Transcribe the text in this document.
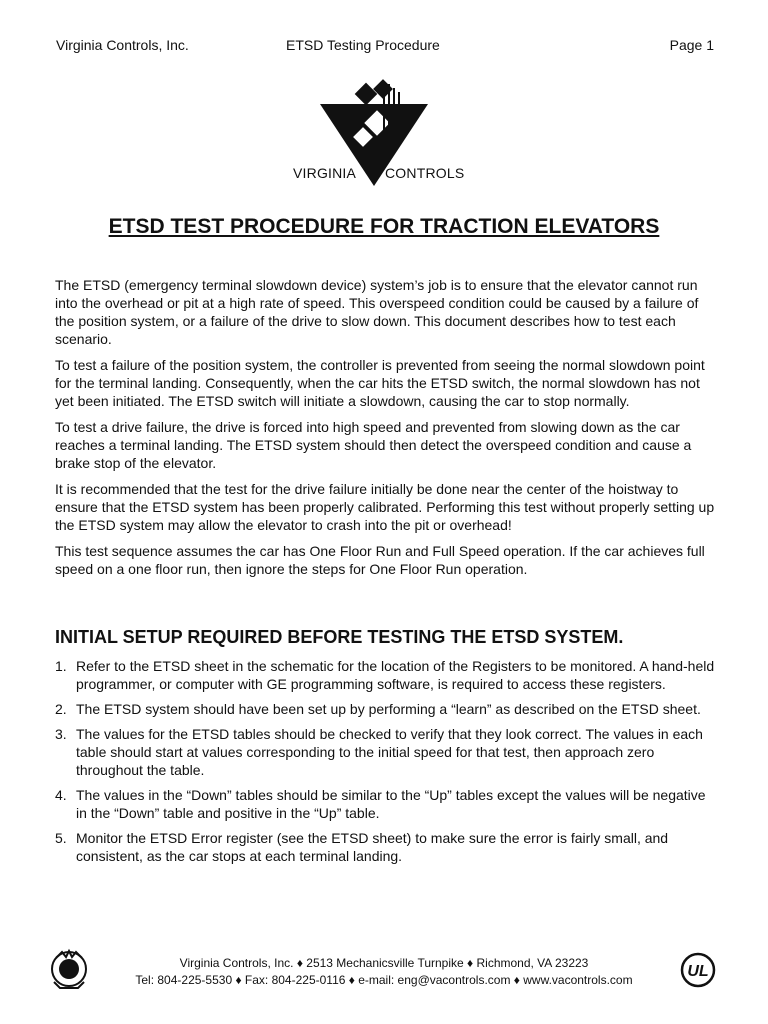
Virginia Controls, Inc.	ETSD Testing Procedure	Page 1
VIRGINIA CONTROLS
ETSD TEST PROCEDURE FOR TRACTION ELEVATORS

The ETSD (emergency terminal slowdown device) system’s job is to ensure that the elevator cannot run into the overhead or pit at a high rate of speed. This overspeed condition could be caused by a failure of the position system, or a failure of the drive to slow down. This document describes how to test each scenario.

To test a failure of the position system, the controller is prevented from seeing the normal slowdown point for the terminal landing. Consequently, when the car hits the ETSD switch, the normal slowdown has not yet been initiated. The ETSD switch will initiate a slowdown, causing the car to stop normally.

To test a drive failure, the drive is forced into high speed and prevented from slowing down as the car reaches a terminal landing. The ETSD system should then detect the overspeed condition and cause a brake stop of the elevator.

It is recommended that the test for the drive failure initially be done near the center of the hoistway to ensure that the ETSD system has been properly calibrated. Performing this test without properly setting up the ETSD system may allow the elevator to crash into the pit or overhead!

This test sequence assumes the car has One Floor Run and Full Speed operation. If the car achieves full speed on a one floor run, then ignore the steps for One Floor Run operation.

INITIAL SETUP REQUIRED BEFORE TESTING THE ETSD SYSTEM.
1. Refer to the ETSD sheet in the schematic for the location of the Registers to be monitored. A hand-held programmer, or computer with GE programming software, is required to access these registers.
2. The ETSD system should have been set up by performing a “learn” as described on the ETSD sheet.
3. The values for the ETSD tables should be checked to verify that they look correct. The values in each table should start at values corresponding to the initial speed for that test, then approach zero throughout the table.
4. The values in the “Down” tables should be similar to the “Up” tables except the values will be negative in the “Down” table and positive in the “Up” table.
5. Monitor the ETSD Error register (see the ETSD sheet) to make sure the error is fairly small, and consistent, as the car stops at each terminal landing.
Virginia Controls, Inc. ♦ 2513 Mechanicsville Turnpike ♦ Richmond, VA 23223
Tel: 804-225-5530 ♦ Fax: 804-225-0116 ♦ e-mail: eng@vacontrols.com ♦ www.vacontrols.com	UL
